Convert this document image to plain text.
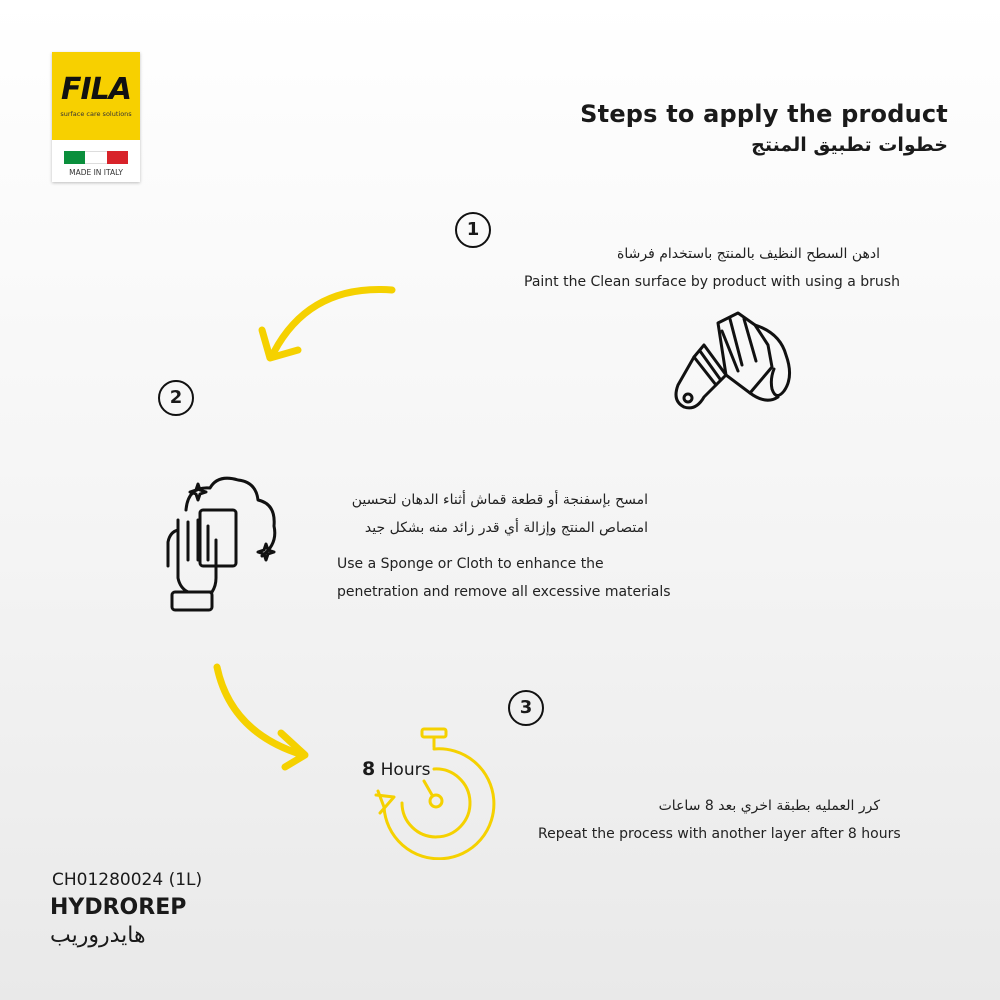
FILA
surface care solutions
MADE IN ITALY
Steps to apply the product
خطوات تطبيق المنتج
1
ادهن السطح النظيف بالمنتج باستخدام فرشاة
Paint the Clean surface by product with using a brush
2
امسح بإسفنجة أو قطعة قماش أثناء الدهان لتحسين
امتصاص المنتج وإزالة أي قدر زائد منه بشكل جيد
Use a Sponge or Cloth to enhance the
penetration and remove all excessive materials
3
كرر العمليه بطبقة اخري بعد 8 ساعات
Repeat the process with another layer after 8 hours
8 Hours
CH01280024 (1L)
HYDROREP
هايدروريب
